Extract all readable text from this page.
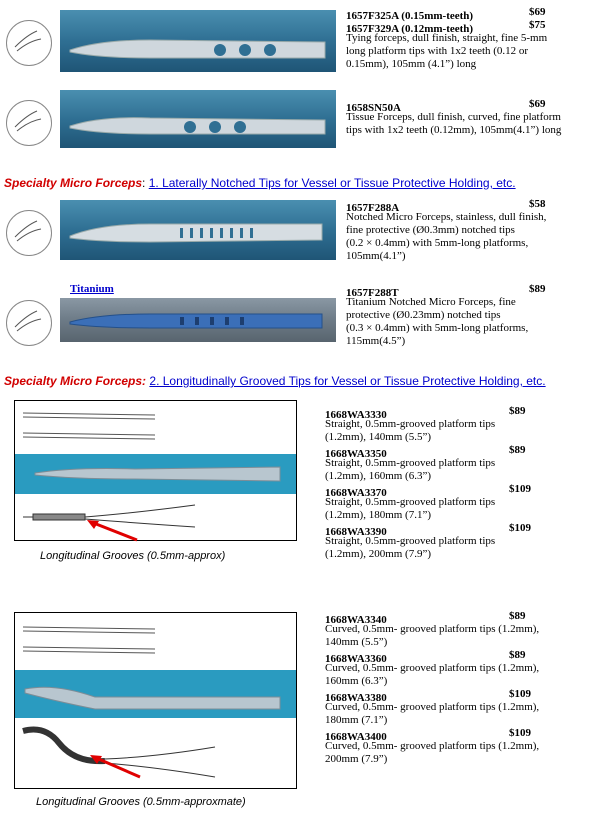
1657F325A (0.15mm-teeth)	$69
1657F329A (0.12mm-teeth)	$75
Tying forceps, dull finish, straight, fine 5-mm
long platform tips with 1x2 teeth (0.12 or
0.15mm), 105mm (4.1”) long
1658SN50A	$69
Tissue Forceps, dull finish, curved, fine platform
tips with 1x2 teeth (0.12mm), 105mm(4.1”) long
Specialty Micro Forceps: 1. Laterally Notched Tips for Vessel or Tissue Protective Holding, etc.
1657F288A	$58
Notched Micro Forceps, stainless, dull finish,
fine protective (Ø0.3mm) notched tips
(0.2 × 0.4mm) with 5mm-long platforms,
105mm(4.1”)
Titanium	1657F288T	$89
Titanium Notched Micro Forceps, fine
protective (Ø0.23mm) notched tips
(0.3 × 0.4mm) with 5mm-long platforms,
115mm(4.5”)
Specialty Micro Forceps: 2. Longitudinally Grooved Tips for Vessel or Tissue Protective Holding, etc.
Longitudinal Grooves (0.5mm-approx)
1668WA3330	$89
Straight, 0.5mm-grooved platform tips
(1.2mm), 140mm (5.5”)
1668WA3350	$89
Straight, 0.5mm-grooved platform tips
(1.2mm), 160mm (6.3”)
1668WA3370	$109
Straight, 0.5mm-grooved platform tips
(1.2mm), 180mm (7.1”)
1668WA3390	$109
Straight, 0.5mm-grooved platform tips
(1.2mm), 200mm (7.9”)
Longitudinal Grooves (0.5mm-approxmate)
1668WA3340	$89
Curved, 0.5mm- grooved platform tips (1.2mm),
140mm (5.5”)
1668WA3360	$89
Curved, 0.5mm- grooved platform tips (1.2mm),
160mm (6.3”)
1668WA3380	$109
Curved, 0.5mm- grooved platform tips (1.2mm),
180mm (7.1”)
1668WA3400	$109
Curved, 0.5mm- grooved platform tips (1.2mm),
200mm (7.9”)
